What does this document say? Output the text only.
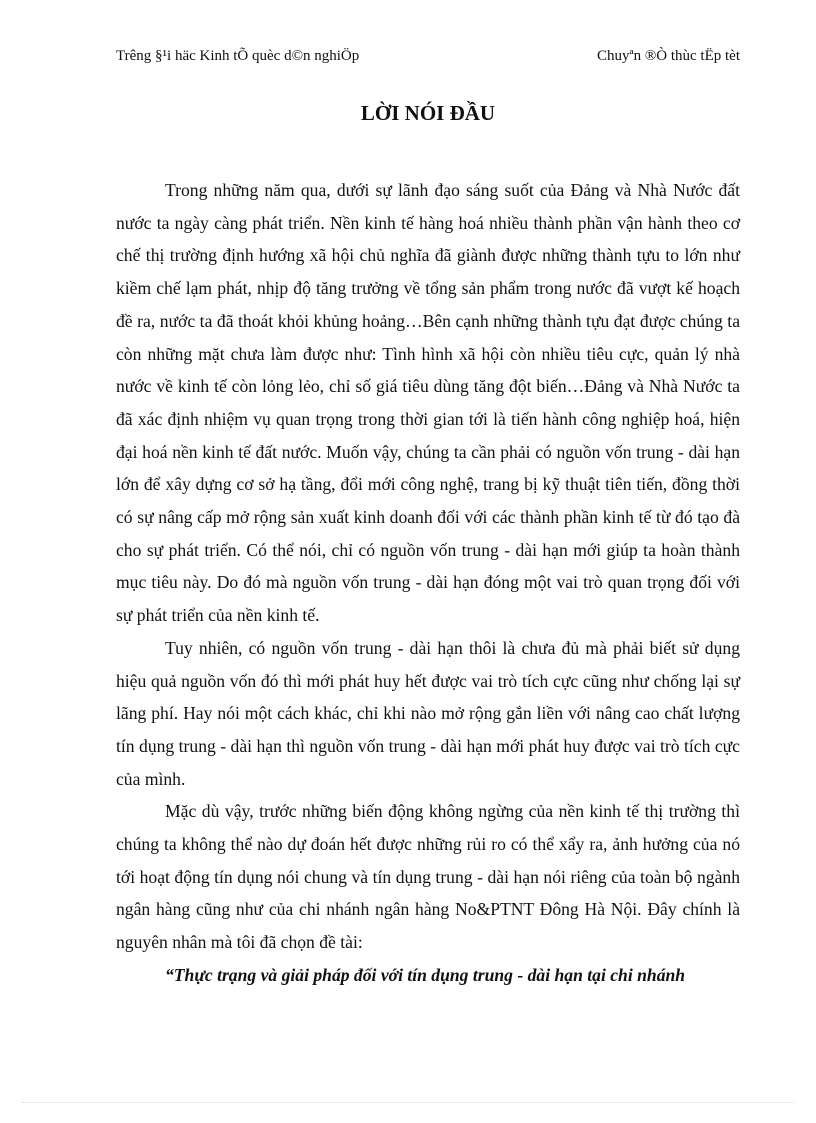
Trêng §¹i häc Kinh tÕ quèc d©n nghiÖp	Chuyªn ®Ò thùc tËp tèt
LỜI NÓI ĐẦU

Trong những năm qua, dưới sự lãnh đạo sáng suốt của Đảng và Nhà Nước đất nước ta ngày càng phát triển. Nền kinh tế hàng hoá nhiều thành phần vận hành theo cơ chế thị trường định hướng xã hội chủ nghĩa đã giành được những thành tựu to lớn như kiềm chế lạm phát, nhịp độ tăng trưởng về tổng sản phẩm trong nước đã vượt kế hoạch đề ra, nước ta đã thoát khỏi khủng hoảng…Bên cạnh những thành tựu đạt được chúng ta còn những mặt chưa làm được như: Tình hình xã hội còn nhiều tiêu cực, quản lý nhà nước về kinh tế còn lỏng lẻo, chỉ số giá tiêu dùng tăng đột biến…Đảng và Nhà Nước ta đã xác định nhiệm vụ quan trọng trong thời gian tới là tiến hành công nghiệp hoá, hiện đại hoá nền kinh tế đất nước. Muốn vậy, chúng ta cần phải có nguồn vốn trung - dài hạn lớn để xây dựng cơ sở hạ tầng, đổi mới công nghệ, trang bị kỹ thuật tiên tiến, đồng thời có sự nâng cấp mở rộng sản xuất kinh doanh đối với các thành phần kinh tế từ đó tạo đà cho sự phát triển. Có thể nói, chỉ có nguồn vốn trung - dài hạn mới giúp ta hoàn thành mục tiêu này. Do đó mà nguồn vốn trung - dài hạn đóng một vai trò quan trọng đối với sự phát triển của nền kinh tế.

Tuy nhiên, có nguồn vốn trung - dài hạn thôi là chưa đủ mà phải biết sử dụng hiệu quả nguồn vốn đó thì mới phát huy hết được vai trò tích cực cũng như chống lại sự lãng phí. Hay nói một cách khác, chỉ khi nào mở rộng gắn liền với nâng cao chất lượng tín dụng trung - dài hạn thì nguồn vốn trung - dài hạn mới phát huy được vai trò tích cực của mình.

Mặc dù vậy, trước những biến động không ngừng của nền kinh tế thị trường thì chúng ta không thể nào dự đoán hết được những rủi ro có thể xẩy ra, ảnh hưởng của nó tới hoạt động tín dụng nói chung và tín dụng trung - dài hạn nói riêng của toàn bộ ngành ngân hàng cũng như của chi nhánh ngân hàng No&PTNT Đông Hà Nội. Đây chính là nguyên nhân mà tôi đã chọn đề tài:

“Thực trạng và giải pháp đối với tín dụng trung - dài hạn tại chi nhánh
